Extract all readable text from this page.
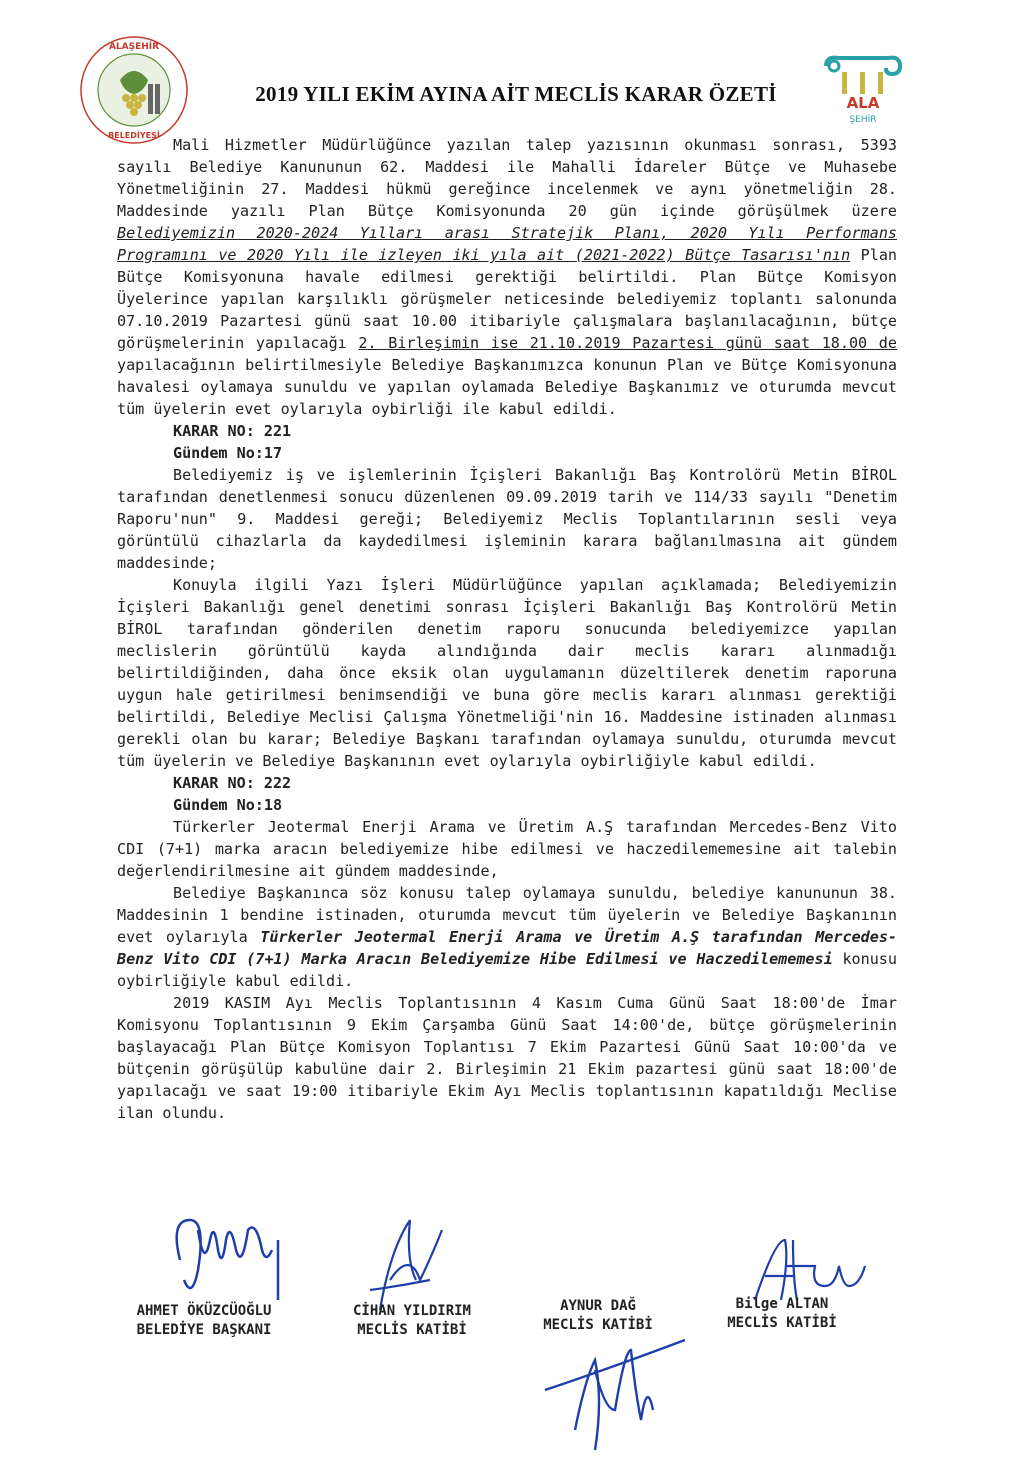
ALAŞEHİR
BELEDİYESİ
2019 YILI EKİM AYINA AİT MECLİS KARAR ÖZETİ	ALA
ŞEHİR

Mali Hizmetler Müdürlüğünce yazılan talep yazısının okunması sonrası, 5393 sayılı Belediye Kanununun 62. Maddesi ile Mahalli İdareler Bütçe ve Muhasebe Yönetmeliğinin 27. Maddesi hükmü gereğince incelenmek ve aynı yönetmeliğin 28. Maddesinde yazılı Plan Bütçe Komisyonunda 20 gün içinde görüşülmek üzere Belediyemizin 2020-2024 Yılları arası Stratejik Planı, 2020 Yılı Performans Programını ve 2020 Yılı ile izleyen iki yıla ait (2021-2022) Bütçe Tasarısı'nın Plan Bütçe Komisyonuna havale edilmesi gerektiği belirtildi. Plan Bütçe Komisyon Üyelerince yapılan karşılıklı görüşmeler neticesinde belediyemiz toplantı salonunda 07.10.2019 Pazartesi günü saat 10.00 itibariyle çalışmalara başlanılacağının, bütçe görüşmelerinin yapılacağı 2. Birleşimin ise 21.10.2019 Pazartesi günü saat 18.00 de yapılacağının belirtilmesiyle Belediye Başkanımızca konunun Plan ve Bütçe Komisyonuna havalesi oylamaya sunuldu ve yapılan oylamada Belediye Başkanımız ve oturumda mevcut tüm üyelerin evet oylarıyla oybirliği ile kabul edildi.

KARAR NO: 221

Gündem No:17

Belediyemiz iş ve işlemlerinin İçişleri Bakanlığı Baş Kontrolörü Metin BİROL tarafından denetlenmesi sonucu düzenlenen 09.09.2019 tarih ve 114/33 sayılı "Denetim Raporu'nun" 9. Maddesi gereği; Belediyemiz Meclis Toplantılarının sesli veya görüntülü cihazlarla da kaydedilmesi işleminin karara bağlanılmasına ait gündem maddesinde;

Konuyla ilgili Yazı İşleri Müdürlüğünce yapılan açıklamada; Belediyemizin İçişleri Bakanlığı genel denetimi sonrası İçişleri Bakanlığı Baş Kontrolörü Metin BİROL tarafından gönderilen denetim raporu sonucunda belediyemizce yapılan meclislerin görüntülü kayda alındığında dair meclis kararı alınmadığı belirtildiğinden, daha önce eksik olan uygulamanın düzeltilerek denetim raporuna uygun hale getirilmesi benimsendiği ve buna göre meclis kararı alınması gerektiği belirtildi, Belediye Meclisi Çalışma Yönetmeliği'nin 16. Maddesine istinaden alınması gerekli olan bu karar; Belediye Başkanı tarafından oylamaya sunuldu, oturumda mevcut tüm üyelerin ve Belediye Başkanının evet oylarıyla oybirliğiyle kabul edildi.

KARAR NO: 222

Gündem No:18

Türkerler Jeotermal Enerji Arama ve Üretim A.Ş tarafından Mercedes-Benz Vito CDI (7+1) marka aracın belediyemize hibe edilmesi ve haczedilememesine ait talebin değerlendirilmesine ait gündem maddesinde,

Belediye Başkanınca söz konusu talep oylamaya sunuldu, belediye kanununun 38. Maddesinin 1 bendine istinaden, oturumda mevcut tüm üyelerin ve Belediye Başkanının evet oylarıyla Türkerler Jeotermal Enerji Arama ve Üretim A.Ş tarafından Mercedes-Benz Vito CDI (7+1) Marka Aracın Belediyemize Hibe Edilmesi ve Haczedilememesi konusu oybirliğiyle kabul edildi.

2019 KASIM Ayı Meclis Toplantısının 4 Kasım Cuma Günü Saat 18:00'de İmar Komisyonu Toplantısının 9 Ekim Çarşamba Günü Saat 14:00'de, bütçe görüşmelerinin başlayacağı Plan Bütçe Komisyon Toplantısı 7 Ekim Pazartesi Günü Saat 10:00'da ve bütçenin görüşülüp kabulüne dair 2. Birleşimin 21 Ekim pazartesi günü saat 18:00'de yapılacağı ve saat 19:00 itibariyle Ekim Ayı Meclis toplantısının kapatıldığı Meclise ilan olundu.

AHMET ÖKÜZCÜOĞLU
BELEDİYE BAŞKANI
CİHAN YILDIRIM
MECLİS KATİBİ
AYNUR DAĞ
MECLİS KATİBİ
Bilge ALTAN
MECLİS KATİBİ
